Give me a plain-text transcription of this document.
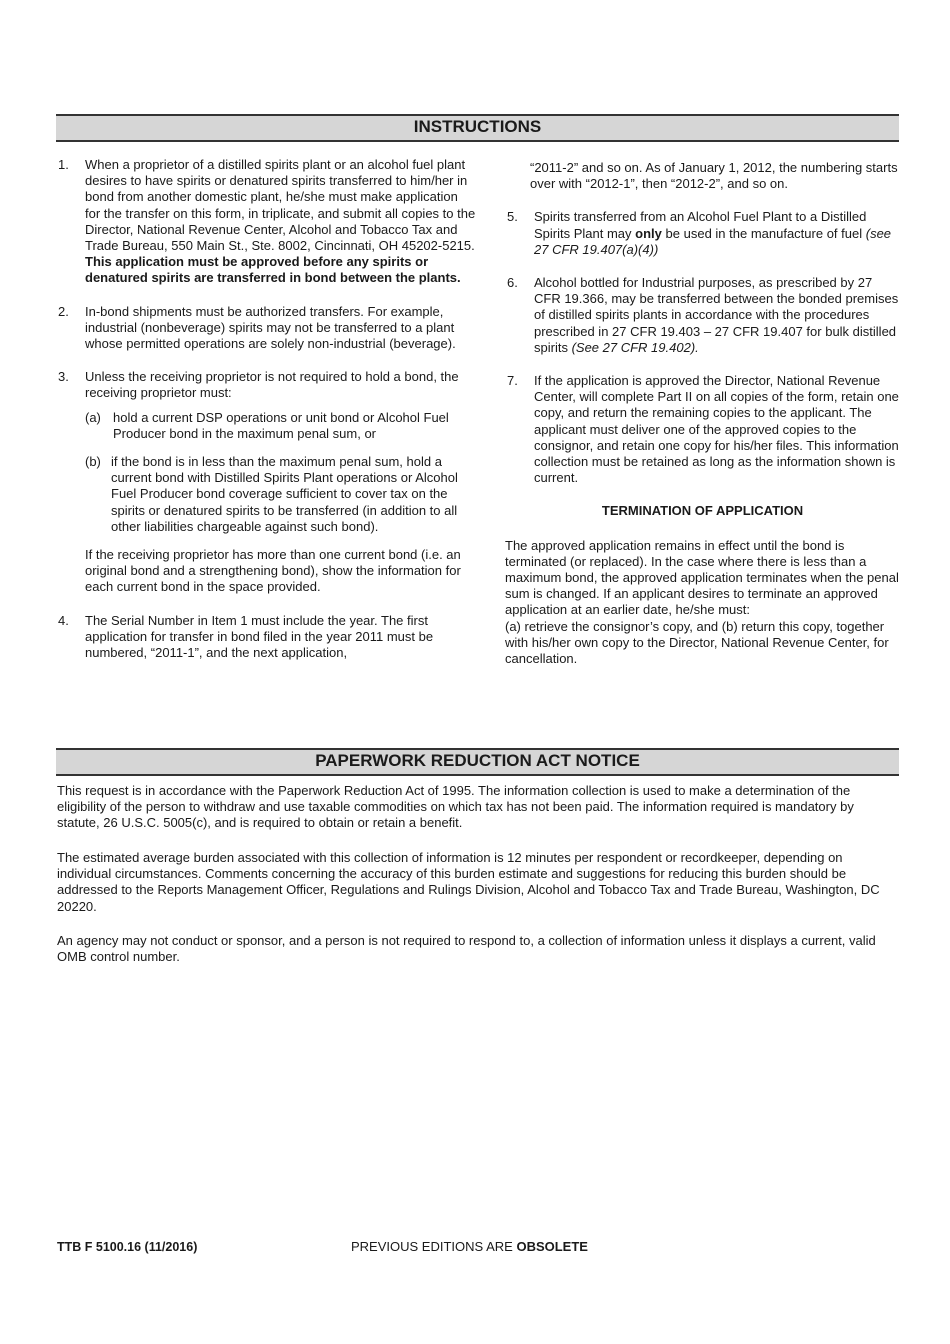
INSTRUCTIONS
1. When a proprietor of a distilled spirits plant or an alcohol fuel plant desires to have spirits or denatured spirits transferred to him/her in bond from another domestic plant, he/she must make application for the transfer on this form, in triplicate, and submit all copies to the Director, National Revenue Center, Alcohol and Tobacco Tax and Trade Bureau, 550 Main St., Ste. 8002, Cincinnati, OH 45202-5215. This application must be approved before any spirits or denatured spirits are transferred in bond between the plants.
2. In-bond shipments must be authorized transfers. For example, industrial (nonbeverage) spirits may not be transferred to a plant whose permitted operations are solely non-industrial (beverage).
3. Unless the receiving proprietor is not required to hold a bond, the receiving proprietor must:
(a) hold a current DSP operations or unit bond or Alcohol Fuel Producer bond in the maximum penal sum, or
(b) if the bond is in less than the maximum penal sum, hold a current bond with Distilled Spirits Plant operations or Alcohol Fuel Producer bond coverage sufficient to cover tax on the spirits or denatured spirits to be transferred (in addition to all other liabilities chargeable against such bond).
If the receiving proprietor has more than one current bond (i.e. an original bond and a strengthening bond), show the information for each current bond in the space provided.
4. The Serial Number in Item 1 must include the year. The first application for transfer in bond filed in the year 2011 must be numbered, “2011-1”, and the next application,
“2011-2” and so on. As of January 1, 2012, the numbering starts over with “2012-1”, then “2012-2”, and so on.
5. Spirits transferred from an Alcohol Fuel Plant to a Distilled Spirits Plant may only be used in the manufacture of fuel (see 27 CFR 19.407(a)(4))
6. Alcohol bottled for Industrial purposes, as prescribed by 27 CFR 19.366, may be transferred between the bonded premises of distilled spirits plants in accordance with the procedures prescribed in 27 CFR 19.403 – 27 CFR 19.407 for bulk distilled spirits (See 27 CFR 19.402).
7. If the application is approved the Director, National Revenue Center, will complete Part II on all copies of the form, retain one copy, and return the remaining copies to the applicant. The applicant must deliver one of the approved copies to the consignor, and retain one copy for his/her files. This information collection must be retained as long as the information shown is current.
TERMINATION OF APPLICATION
The approved application remains in effect until the bond is terminated (or replaced). In the case where there is less than a maximum bond, the approved application terminates when the penal sum is changed. If an applicant desires to terminate an approved application at an earlier date, he/she must:
(a) retrieve the consignor’s copy, and (b) return this copy, together with his/her own copy to the Director, National Revenue Center, for cancellation.
PAPERWORK REDUCTION ACT NOTICE
This request is in accordance with the Paperwork Reduction Act of 1995. The information collection is used to make a determination of the eligibility of the person to withdraw and use taxable commodities on which tax has not been paid. The information required is mandatory by statute, 26 U.S.C. 5005(c), and is required to obtain or retain a benefit.
The estimated average burden associated with this collection of information is 12 minutes per respondent or recordkeeper, depending on individual circumstances. Comments concerning the accuracy of this burden estimate and suggestions for reducing this burden should be addressed to the Reports Management Officer, Regulations and Rulings Division, Alcohol and Tobacco Tax and Trade Bureau, Washington, DC 20220.
An agency may not conduct or sponsor, and a person is not required to respond to, a collection of information unless it displays a current, valid OMB control number.
TTB F 5100.16 (11/2016)	PREVIOUS EDITIONS ARE OBSOLETE
